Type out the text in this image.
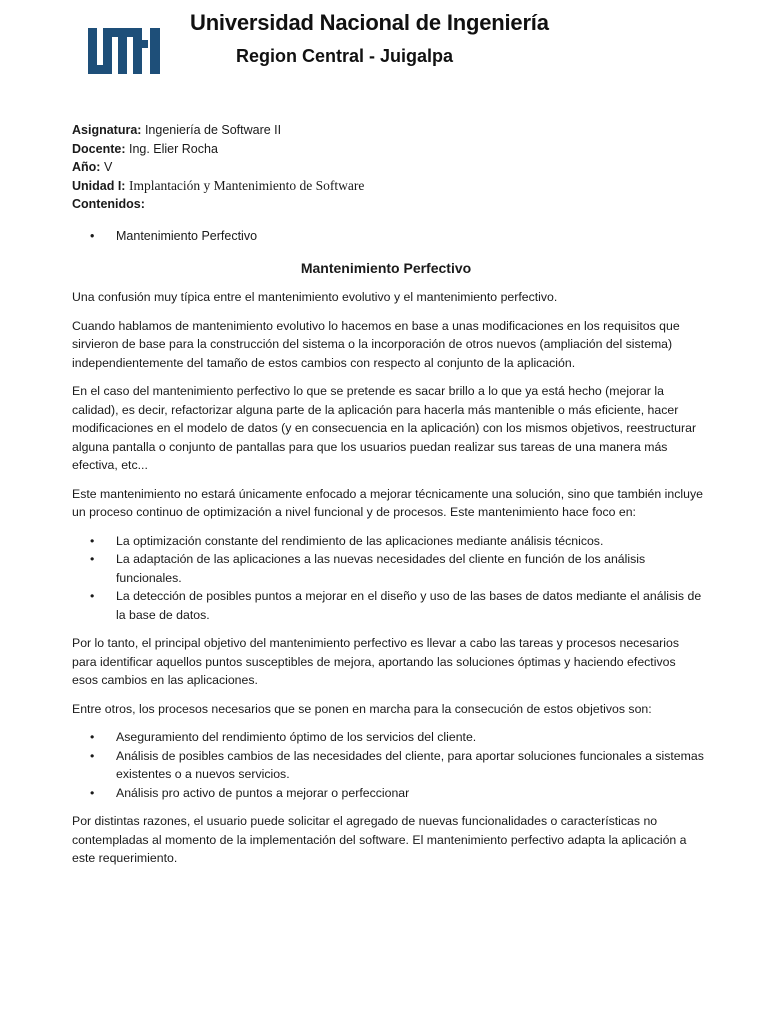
Universidad Nacional de Ingeniería
Region Central - Juigalpa
Asignatura: Ingeniería de Software II
Docente: Ing. Elier Rocha
Año: V
Unidad I: Implantación y Mantenimiento de Software
Contenidos:
• Mantenimiento Perfectivo
Mantenimiento Perfectivo

Una confusión muy típica entre el mantenimiento evolutivo y el mantenimiento perfectivo.

Cuando hablamos de mantenimiento evolutivo lo hacemos en base a unas modificaciones en los requisitos que sirvieron de base para la construcción del sistema o la incorporación de otros nuevos (ampliación del sistema) independientemente del tamaño de estos cambios con respecto al conjunto de la aplicación.

En el caso del mantenimiento perfectivo lo que se pretende es sacar brillo a lo que ya está hecho (mejorar la calidad), es decir, refactorizar alguna parte de la aplicación para hacerla más mantenible o más eficiente, hacer modificaciones en el modelo de datos (y en consecuencia en la aplicación) con los mismos objetivos, reestructurar alguna pantalla o conjunto de pantallas para que los usuarios puedan realizar sus tareas de una manera más efectiva, etc...

Este mantenimiento no estará únicamente enfocado a mejorar técnicamente una solución, sino que también incluye un proceso continuo de optimización a nivel funcional y de procesos. Este mantenimiento hace foco en:

• La optimización constante del rendimiento de las aplicaciones mediante análisis técnicos.
• La adaptación de las aplicaciones a las nuevas necesidades del cliente en función de los análisis funcionales.
• La detección de posibles puntos a mejorar en el diseño y uso de las bases de datos mediante el análisis de la base de datos.

Por lo tanto, el principal objetivo del mantenimiento perfectivo es llevar a cabo las tareas y procesos necesarios para identificar aquellos puntos susceptibles de mejora, aportando las soluciones óptimas y haciendo efectivos esos cambios en las aplicaciones.

Entre otros, los procesos necesarios que se ponen en marcha para la consecución de estos objetivos son:

• Aseguramiento del rendimiento óptimo de los servicios del cliente.
• Análisis de posibles cambios de las necesidades del cliente, para aportar soluciones funcionales a sistemas existentes o a nuevos servicios.
• Análisis pro activo de puntos a mejorar o perfeccionar

Por distintas razones, el usuario puede solicitar el agregado de nuevas funcionalidades o características no contempladas al momento de la implementación del software. El mantenimiento perfectivo adapta la aplicación a este requerimiento.
